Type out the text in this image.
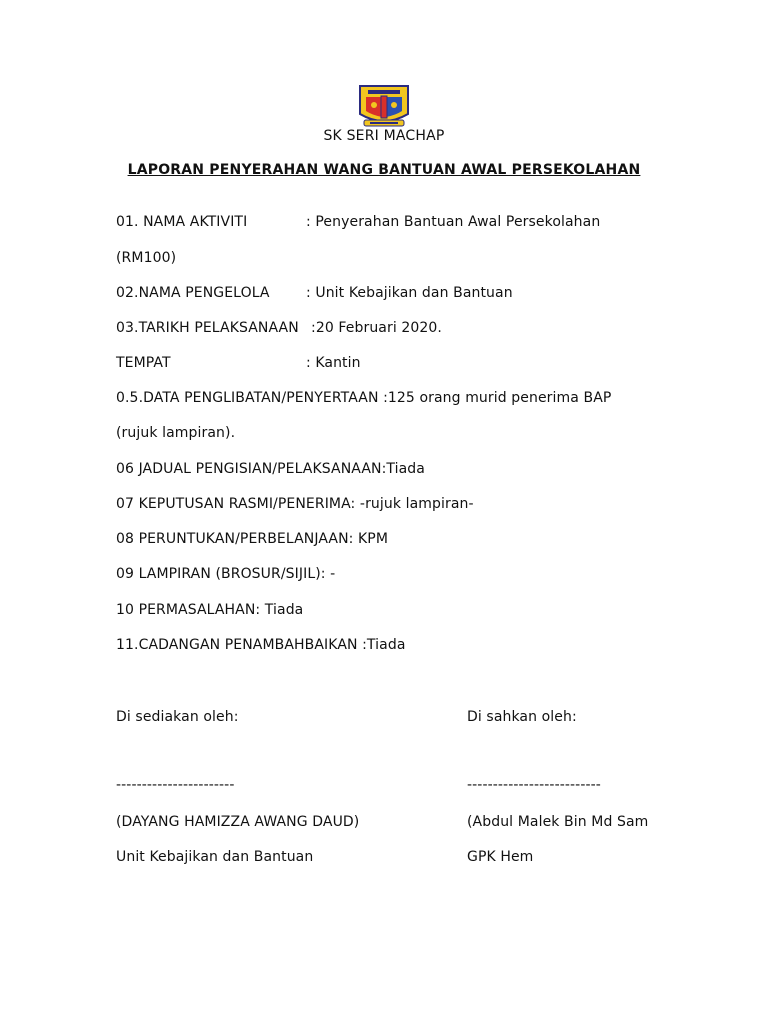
SK SERI MACHAP
LAPORAN PENYERAHAN WANG BANTUAN AWAL PERSEKOLAHAN
01. NAMA AKTIVITI	: Penyerahan Bantuan Awal Persekolahan
(RM100)
02.NAMA PENGELOLA	: Unit Kebajikan dan Bantuan
03.TARIKH PELAKSANAAN :20 Februari 2020.
TEMPAT	: Kantin
0.5.DATA PENGLIBATAN/PENYERTAAN :125 orang murid penerima BAP
(rujuk lampiran).
06 JADUAL PENGISIAN/PELAKSANAAN:Tiada
07 KEPUTUSAN RASMI/PENERIMA: -rujuk lampiran-
08 PERUNTUKAN/PERBELANJAAN: KPM
09 LAMPIRAN (BROSUR/SIJIL): -
10 PERMASALAHAN: Tiada
11.CADANGAN PENAMBAHBAIKAN :Tiada
Di sediakan oleh:	Di sahkan oleh:
-----------------------	--------------------------
(DAYANG HAMIZZA AWANG DAUD)	(Abdul Malek Bin Md Sam
Unit Kebajikan dan Bantuan	GPK Hem
